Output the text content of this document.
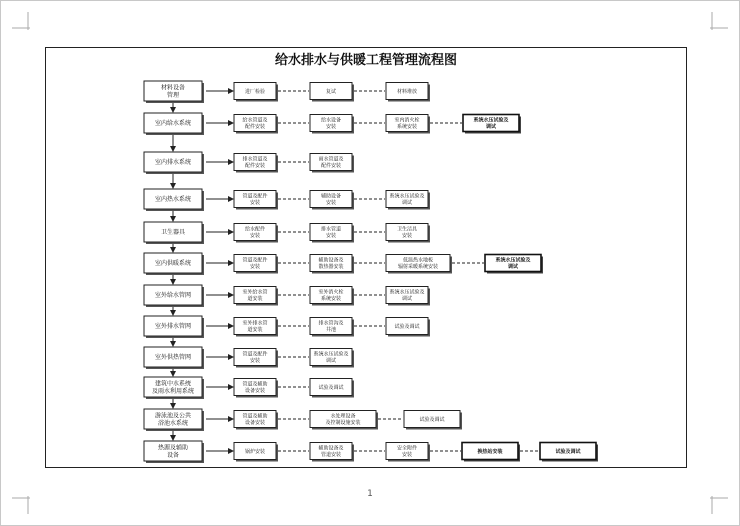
给水排水与供暖工程管理流程图
材料设备
管理
进厂检验	复试	材料堆放
室内给水系统	给水管道及
配件安装
给水设备
安装
室内消火栓
系统安装
系统水压试验及
调试
室内排水系统	排水管道及
配件安装
雨水管道及
配件安装
室内热水系统	管道及配件
安装
辅助设备
安装
系统水压试验及
调试
卫生器具	给水配件
安装
排水管道
安装
卫生洁具
安装
室内供暖系统	管道及配件
安装
辅助设备及
散热器安装
低温热水地板
辐射采暖系统安装
系统水压试验及
调试
室外给水管网	室外给水管
道安装
室外消火栓
系统安装
系统水压试验及
调试
室外排水管网	室外排水管
道安装
排水管沟及
井池
试验及调试
室外供热管网	管道及配件
安装
系统水压试验及
调试
建筑中水系统
及雨水利用系统
管道及辅助
设备安装
试验及调试
游泳池及公共
浴池水系统
管道及辅助
设备安装
水处理设备
及控制设施安装
试验及调试
热源及辅助
设备
锅炉安装
辅助设备及
管道安装
安全附件
安装
换热站安装	试验及调试
1
